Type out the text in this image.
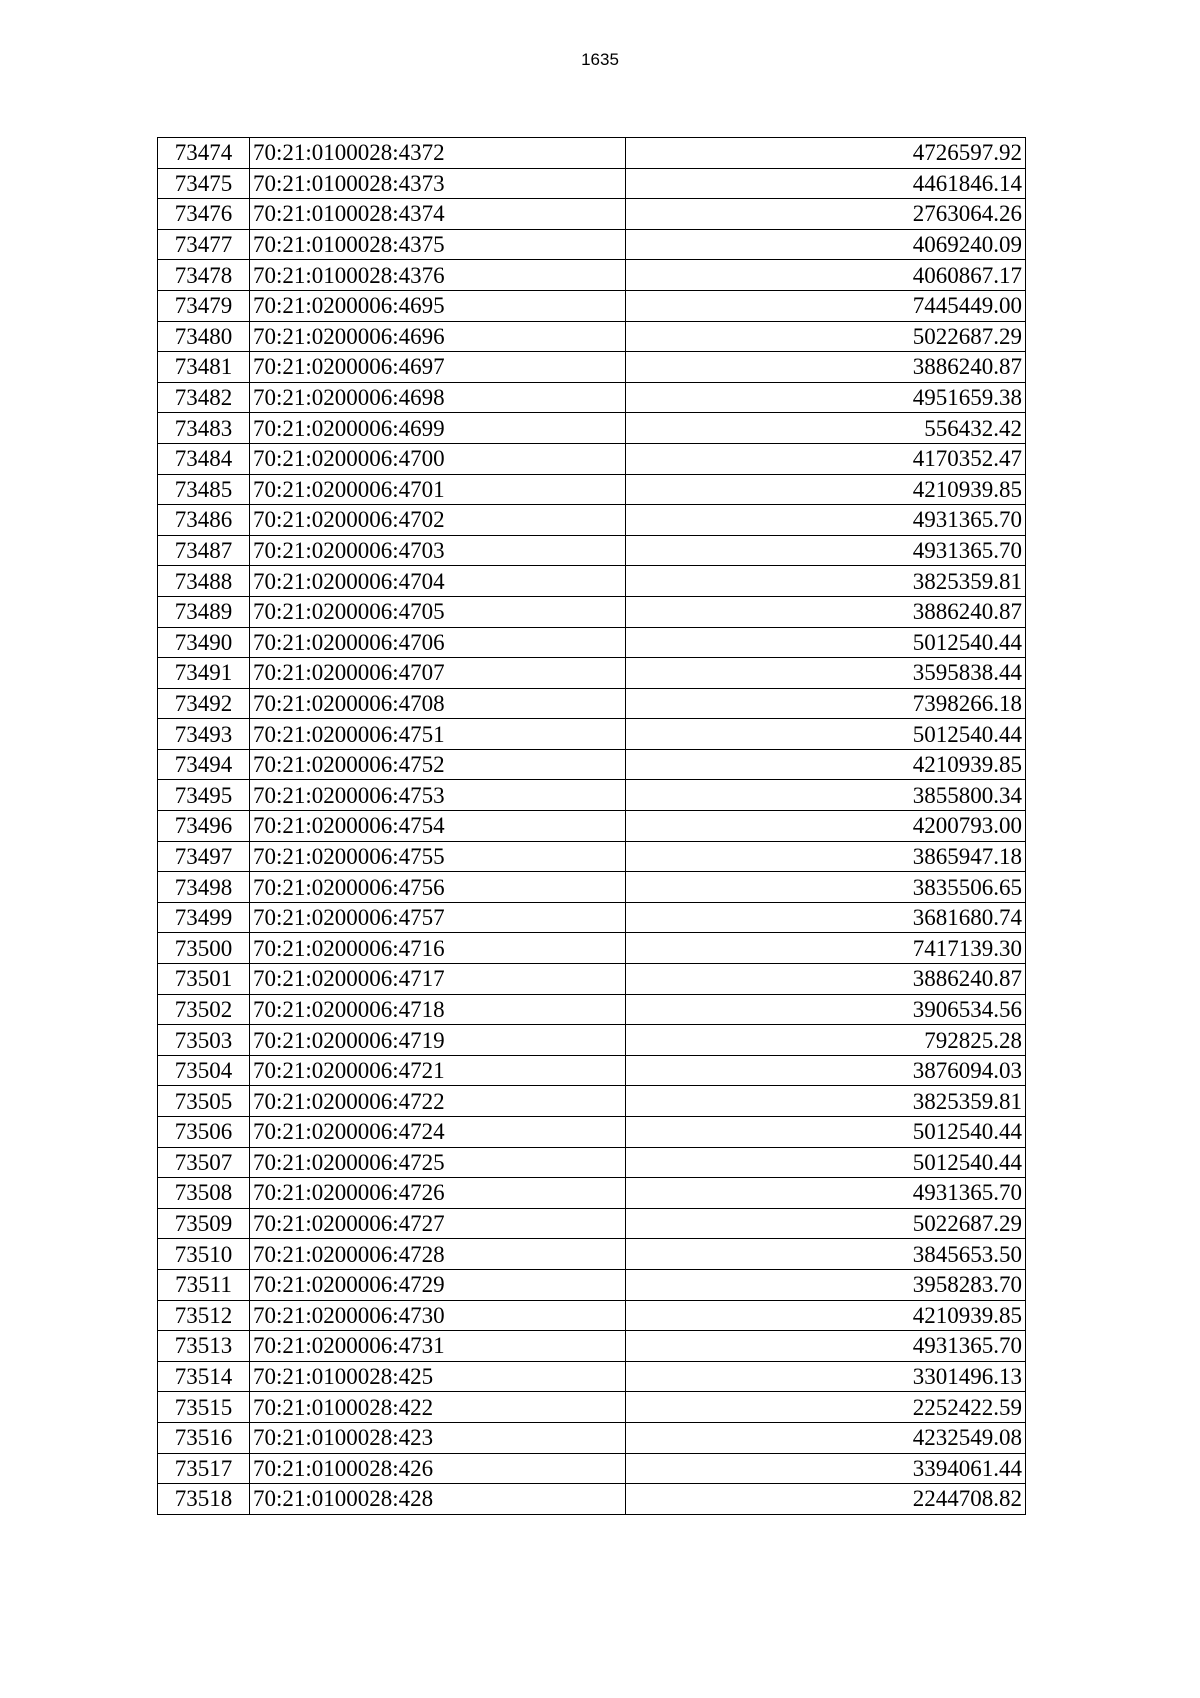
1635
73474	70:21:0100028:4372	4726597.92
73475	70:21:0100028:4373	4461846.14
73476	70:21:0100028:4374	2763064.26
73477	70:21:0100028:4375	4069240.09
73478	70:21:0100028:4376	4060867.17
73479	70:21:0200006:4695	7445449.00
73480	70:21:0200006:4696	5022687.29
73481	70:21:0200006:4697	3886240.87
73482	70:21:0200006:4698	4951659.38
73483	70:21:0200006:4699	556432.42
73484	70:21:0200006:4700	4170352.47
73485	70:21:0200006:4701	4210939.85
73486	70:21:0200006:4702	4931365.70
73487	70:21:0200006:4703	4931365.70
73488	70:21:0200006:4704	3825359.81
73489	70:21:0200006:4705	3886240.87
73490	70:21:0200006:4706	5012540.44
73491	70:21:0200006:4707	3595838.44
73492	70:21:0200006:4708	7398266.18
73493	70:21:0200006:4751	5012540.44
73494	70:21:0200006:4752	4210939.85
73495	70:21:0200006:4753	3855800.34
73496	70:21:0200006:4754	4200793.00
73497	70:21:0200006:4755	3865947.18
73498	70:21:0200006:4756	3835506.65
73499	70:21:0200006:4757	3681680.74
73500	70:21:0200006:4716	7417139.30
73501	70:21:0200006:4717	3886240.87
73502	70:21:0200006:4718	3906534.56
73503	70:21:0200006:4719	792825.28
73504	70:21:0200006:4721	3876094.03
73505	70:21:0200006:4722	3825359.81
73506	70:21:0200006:4724	5012540.44
73507	70:21:0200006:4725	5012540.44
73508	70:21:0200006:4726	4931365.70
73509	70:21:0200006:4727	5022687.29
73510	70:21:0200006:4728	3845653.50
73511	70:21:0200006:4729	3958283.70
73512	70:21:0200006:4730	4210939.85
73513	70:21:0200006:4731	4931365.70
73514	70:21:0100028:425	3301496.13
73515	70:21:0100028:422	2252422.59
73516	70:21:0100028:423	4232549.08
73517	70:21:0100028:426	3394061.44
73518	70:21:0100028:428	2244708.82
